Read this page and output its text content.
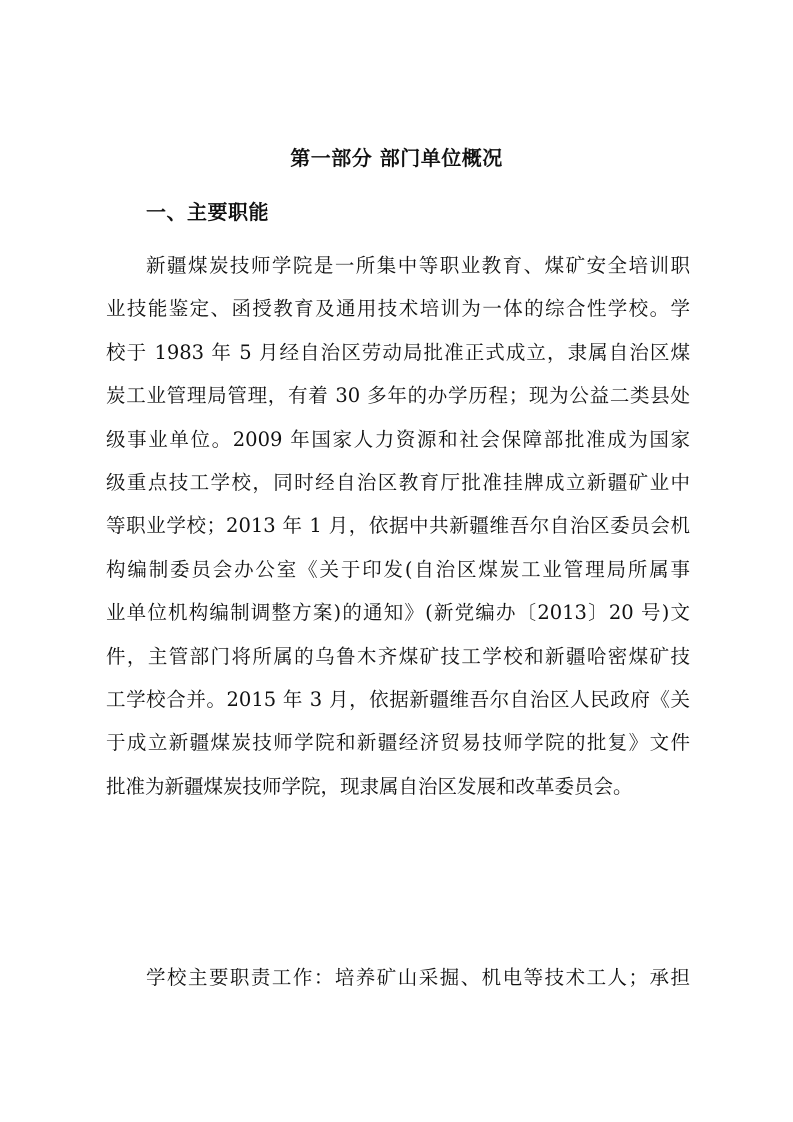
第一部分 部门单位概况
一、主要职能
新疆煤炭技师学院是一所集中等职业教育、煤矿安全培训职
业技能鉴定、函授教育及通用技术培训为一体的综合性学校。学
校于 1983 年 5 月经自治区劳动局批准正式成立，隶属自治区煤
炭工业管理局管理，有着 30 多年的办学历程；现为公益二类县处
级事业单位。2009 年国家人力资源和社会保障部批准成为国家
级重点技工学校，同时经自治区教育厅批准挂牌成立新疆矿业中
等职业学校；2013 年 1 月，依据中共新疆维吾尔自治区委员会机
构编制委员会办公室《关于印发(自治区煤炭工业管理局所属事
业单位机构编制调整方案)的通知》(新党编办〔2013〕20 号)文
件，主管部门将所属的乌鲁木齐煤矿技工学校和新疆哈密煤矿技
工学校合并。2015 年 3 月，依据新疆维吾尔自治区人民政府《关
于成立新疆煤炭技师学院和新疆经济贸易技师学院的批复》文件
批准为新疆煤炭技师学院，现隶属自治区发展和改革委员会。
学校主要职责工作：培养矿山采掘、机电等技术工人；承担
